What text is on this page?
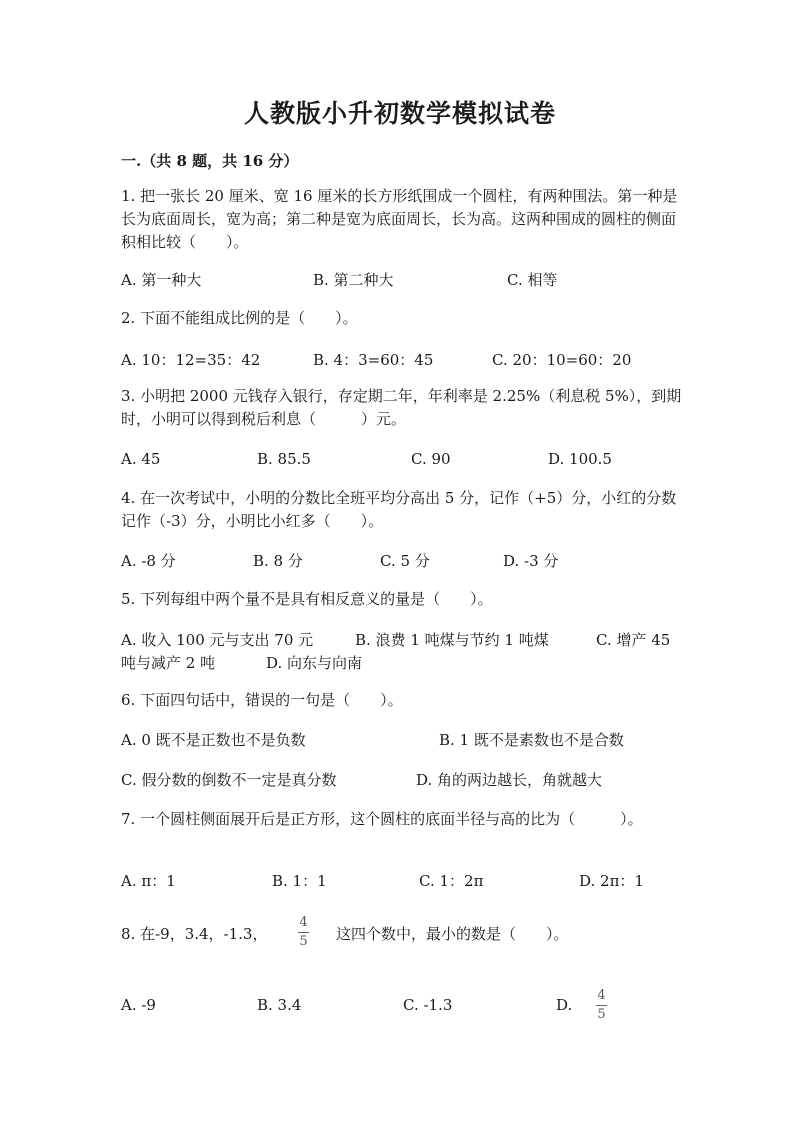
人教版小升初数学模拟试卷
一.（共 8 题，共 16 分）
1. 把一张长 20 厘米、宽 16 厘米的长方形纸围成一个圆柱，有两种围法。第一种是长为底面周长，宽为高；第二种是宽为底面周长，长为高。这两种围成的圆柱的侧面积相比较（　　）。
A. 第一种大	B. 第二种大	C. 相等
2. 下面不能组成比例的是（　　）。
A. 10：12=35：42	B. 4：3=60：45	C. 20：10=60：20
3. 小明把 2000 元钱存入银行，存定期二年，年利率是 2.25%（利息税 5%），到期时，小明可以得到税后利息（　　　）元。
A. 45	B. 85.5	C. 90	D. 100.5
4. 在一次考试中，小明的分数比全班平均分高出 5 分，记作（+5）分，小红的分数记作（-3）分，小明比小红多（　　）。
A. -8 分	B. 8 分	C. 5 分	D. -3 分
5. 下列每组中两个量不是具有相反意义的量是（　　）。
A. 收入 100 元与支出 70 元	B. 浪费 1 吨煤与节约 1 吨煤	C. 增产 45
吨与减产 2 吨	D. 向东与向南
6. 下面四句话中，错误的一句是（　　）。
A. 0 既不是正数也不是负数	B. 1 既不是素数也不是合数
C. 假分数的倒数不一定是真分数	D. 角的两边越长，角就越大
7. 一个圆柱侧面展开后是正方形，这个圆柱的底面半径与高的比为（　　　）。
A. π：1	B. 1：1	C. 1：2π	D. 2π：1
8. 在-9，3.4，-1.3，
4
5 这四个数中，最小的数是（　　）。
A. -9	B. 3.4	C. -1.3	D.
4
5
